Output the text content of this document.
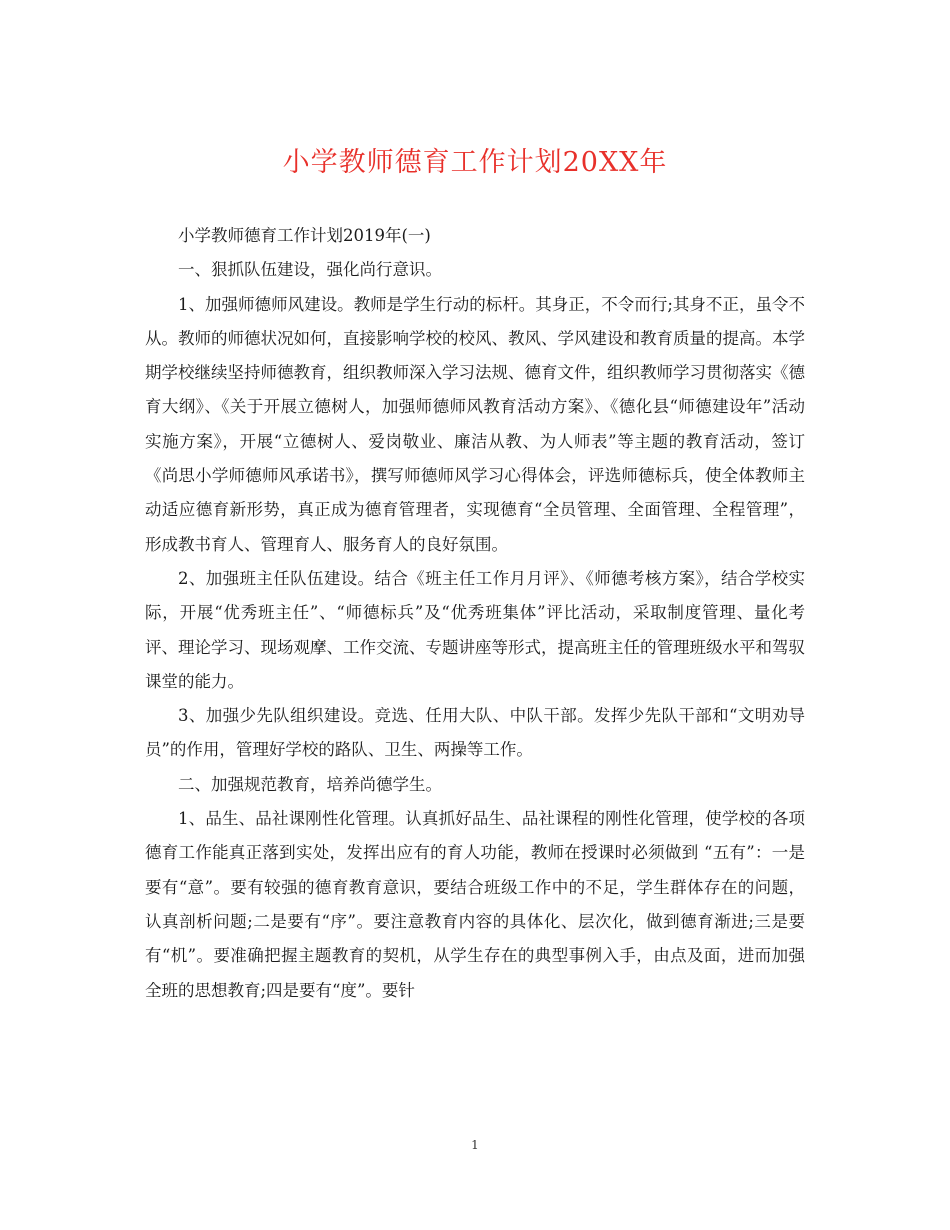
小学教师德育工作计划20XX年

小学教师德育工作计划2019年(一)

一、狠抓队伍建设，强化尚行意识。

1、加强师德师风建设。教师是学生行动的标杆。其身正，不令而行;其身不正，虽令不从。教师的师德状况如何，直接影响学校的校风、教风、学风建设和教育质量的提高。本学期学校继续坚持师德教育，组织教师深入学习法规、德育文件，组织教师学习贯彻落实《德育大纲》、《关于开展立德树人，加强师德师风教育活动方案》、《德化县“师德建设年”活动实施方案》，开展“立德树人、爱岗敬业、廉洁从教、为人师表”等主题的教育活动，签订《尚思小学师德师风承诺书》，撰写师德师风学习心得体会，评选师德标兵，使全体教师主动适应德育新形势，真正成为德育管理者，实现德育“全员管理、全面管理、全程管理”，形成教书育人、管理育人、服务育人的良好氛围。

2、加强班主任队伍建设。结合《班主任工作月月评》、《师德考核方案》，结合学校实际，开展“优秀班主任”、“师德标兵”及“优秀班集体”评比活动，采取制度管理、量化考评、理论学习、现场观摩、工作交流、专题讲座等形式，提高班主任的管理班级水平和驾驭课堂的能力。

3、加强少先队组织建设。竞选、任用大队、中队干部。发挥少先队干部和“文明劝导员”的作用，管理好学校的路队、卫生、两操等工作。

二、加强规范教育，培养尚德学生。

1、品生、品社课刚性化管理。认真抓好品生、品社课程的刚性化管理，使学校的各项德育工作能真正落到实处，发挥出应有的育人功能，教师在授课时必须做到 “五有”：一是要有“意”。要有较强的德育教育意识，要结合班级工作中的不足，学生群体存在的问题，认真剖析问题;二是要有“序”。要注意教育内容的具体化、层次化，做到德育渐进;三是要有“机”。要准确把握主题教育的契机，从学生存在的典型事例入手，由点及面，进而加强全班的思想教育;四是要有“度”。要针

1
